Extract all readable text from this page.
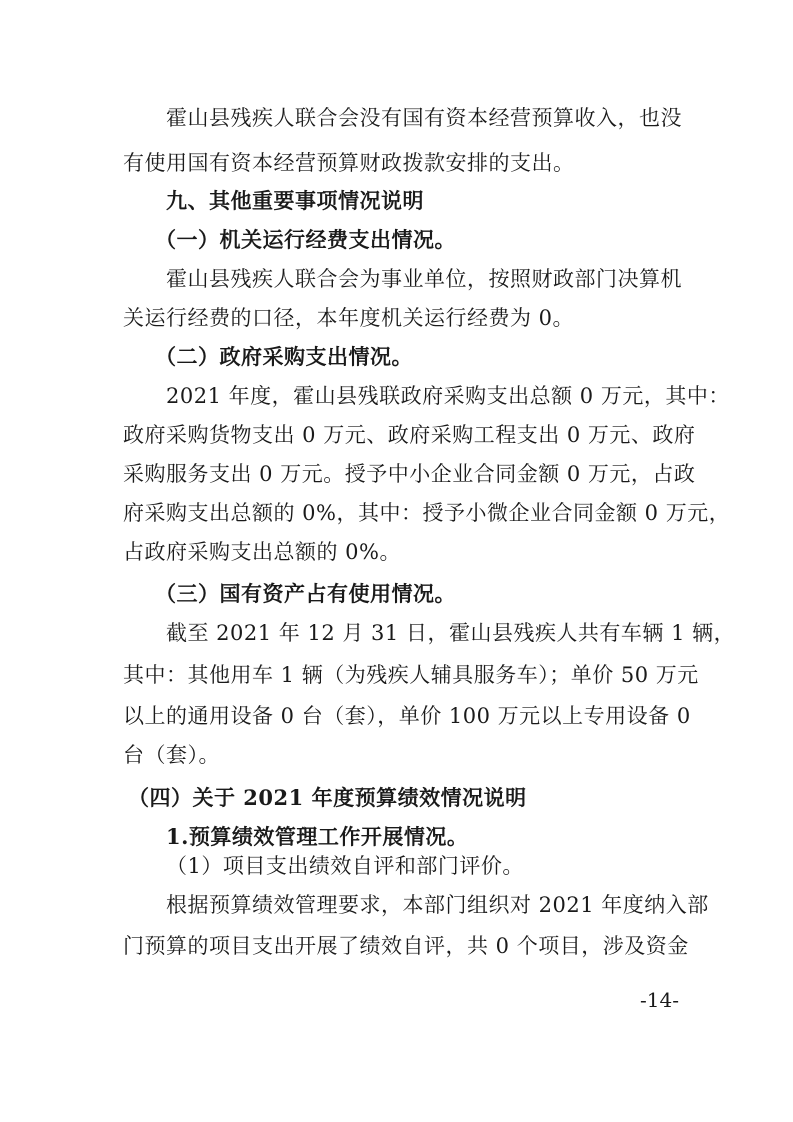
霍山县残疾人联合会没有国有资本经营预算收入，也没
有使用国有资本经营预算财政拨款安排的支出。
九、其他重要事项情况说明
（一）机关运行经费支出情况。
霍山县残疾人联合会为事业单位，按照财政部门决算机
关运行经费的口径，本年度机关运行经费为 0。
（二）政府采购支出情况。
2021 年度，霍山县残联政府采购支出总额 0 万元，其中：
政府采购货物支出 0 万元、政府采购工程支出 0 万元、政府
采购服务支出 0 万元。授予中小企业合同金额 0 万元，占政
府采购支出总额的 0%，其中：授予小微企业合同金额 0 万元，
占政府采购支出总额的 0%。
（三）国有资产占有使用情况。
截至 2021 年 12 月 31 日，霍山县残疾人共有车辆 1 辆，
其中：其他用车 1 辆（为残疾人辅具服务车）；单价 50 万元
以上的通用设备 0 台（套），单价 100 万元以上专用设备 0
台（套）。
（四）关于 2021 年度预算绩效情况说明
1.预算绩效管理工作开展情况。
（1）项目支出绩效自评和部门评价。
根据预算绩效管理要求，本部门组织对 2021 年度纳入部
门预算的项目支出开展了绩效自评，共 0 个项目，涉及资金
-14-
